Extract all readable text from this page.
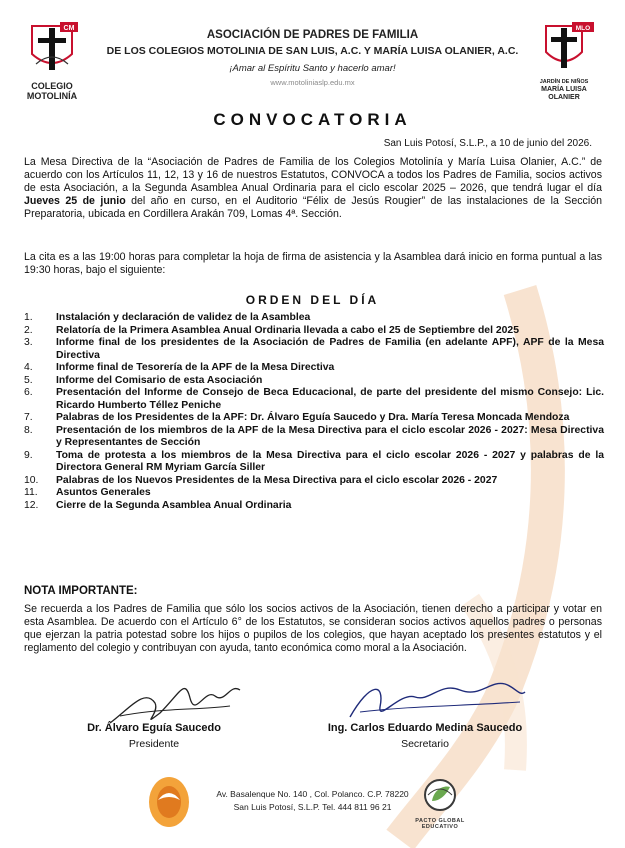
CM
COLEGIO
MOTOLINÍA
MLO
JARDÍN DE NIÑOS
MARÍA LUISA
OLANIER
ASOCIACIÓN DE PADRES DE FAMILIA
DE LOS COLEGIOS MOTOLINIA DE SAN LUIS, A.C. Y MARÍA LUISA OLANIER, A.C.
¡Amar al Espíritu Santo y hacerlo amar!
www.motoliniaslp.edu.mx
CONVOCATORIA
San Luis Potosí, S.L.P., a 10 de junio del 2026.
La Mesa Directiva de la “Asociación de Padres de Familia de los Colegios Motolinía y María Luisa Olanier, A.C.” de acuerdo con los Artículos 11, 12, 13 y 16 de nuestros Estatutos, CONVOCA a todos los Padres de Familia, socios activos de esta Asociación, a la Segunda Asamblea Anual Ordinaria para el ciclo escolar 2025 – 2026, que tendrá lugar el día Jueves 25 de junio del año en curso, en el Auditorio “Félix de Jesús Rougier” de las instalaciones de la Sección Preparatoria, ubicada en Cordillera Arakán 709, Lomas 4ª. Sección.
La cita es a las 19:00 horas para completar la hoja de firma de asistencia y la Asamblea dará inicio en forma puntual a las 19:30 horas, bajo el siguiente:
ORDEN DEL DÍA
1.	Instalación y declaración de validez de la Asamblea
2.	Relatoría de la Primera Asamblea Anual Ordinaria llevada a cabo el 25 de Septiembre del 2025
3.	Informe final de los presidentes de la Asociación de Padres de Familia (en adelante APF), APF de la Mesa Directiva
4.	Informe final de Tesorería de la APF de la Mesa Directiva
5.	Informe del Comisario de esta Asociación
6.	Presentación del Informe de Consejo de Beca Educacional, de parte del presidente del mismo Consejo: Lic. Ricardo Humberto Téllez Peniche
7.	Palabras de los Presidentes de la APF: Dr. Álvaro Eguía Saucedo y Dra. María Teresa Moncada Mendoza
8.	Presentación de los miembros de la APF de la Mesa Directiva para el ciclo escolar 2026 - 2027: Mesa Directiva y Representantes de Sección
9.	Toma de protesta a los miembros de la Mesa Directiva para el ciclo escolar 2026 - 2027 y palabras de la Directora General RM Myriam García Siller
10.	Palabras de los Nuevos Presidentes de la Mesa Directiva para el ciclo escolar 2026 - 2027
11.	Asuntos Generales
12.	Cierre de la Segunda Asamblea Anual Ordinaria
NOTA IMPORTANTE:
Se recuerda a los Padres de Familia que sólo los socios activos de la Asociación, tienen derecho a participar y votar en esta Asamblea. De acuerdo con el Artículo 6° de los Estatutos, se consideran socios activos aquellos padres o personas que ejerzan la patria potestad sobre los hijos o pupilos de los colegios, que hayan aceptado los presentes estatutos y el reglamento del colegio y contribuyan con ayuda, tanto económica como moral a la Asociación.
Dr. Álvaro Eguía Saucedo
Presidente
Ing. Carlos Eduardo Medina Saucedo
Secretario
Av. Basalenque No. 140 , Col. Polanco. C.P. 78220
San Luis Potosí, S.L.P. Tel. 444 811 96 21
PACTO GLOBAL
EDUCATIVO
